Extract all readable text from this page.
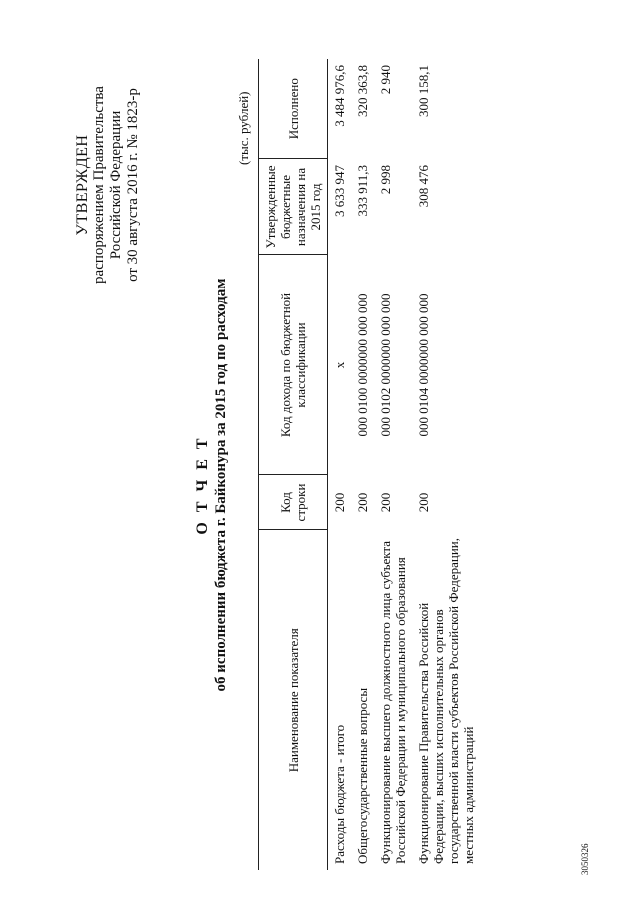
УТВЕРЖДЕН распоряжением Правительства Российской Федерации от 30 августа 2016 г. № 1823-р
О Т Ч Е Т об исполнении бюджета г. Байконура за 2015 год по расходам
(тыс. рублей)
Наименование показателя	Код строки	Код дохода по бюджетной классификации	Утвержденные бюджетные назначения на 2015 год	Исполнено
Расходы бюджета - итого	200	x	3 633 947	3 484 976,6
Общегосударственные вопросы	200	000 0100 0000000 000 000	333 911,3	320 363,8
Функционирование высшего должностного лица субъекта Российской Федерации и муниципального образования	200	000 0102 0000000 000 000	2 998	2 940
Функционирование Правительства Российской Федерации, высших исполнительных органов государственной власти субъектов Российской Федерации, местных администраций	200	000 0104 0000000 000 000	308 476	300 158,1
3050326
